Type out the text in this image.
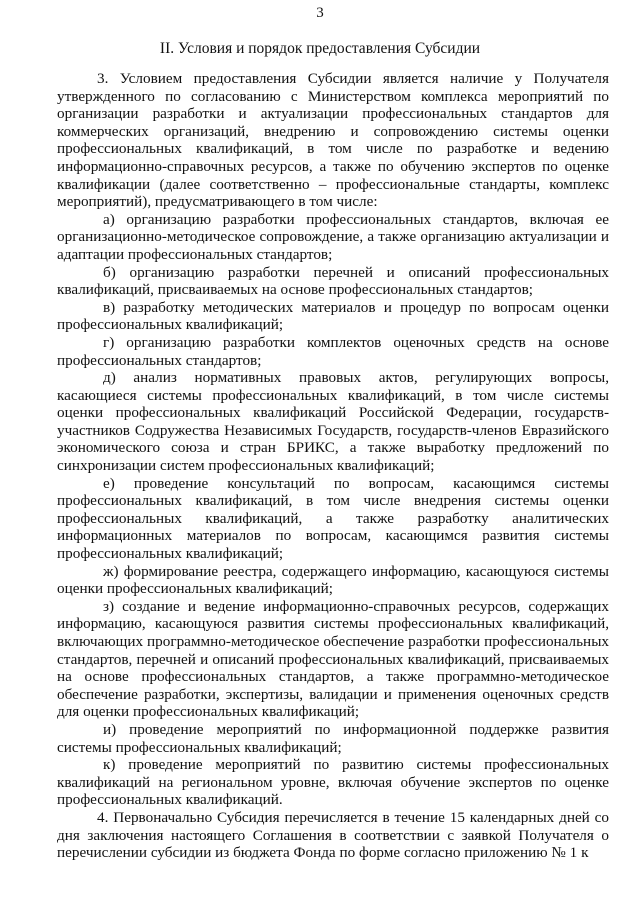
3
II. Условия и порядок предоставления Субсидии

3. Условием предоставления Субсидии является наличие у Получателя утвержденного по согласованию с Министерством комплекса мероприятий по организации разработки и актуализации профессиональных стандартов для коммерческих организаций, внедрению и сопровождению системы оценки профессиональных квалификаций, в том числе по разработке и ведению информационно-справочных ресурсов, а также по обучению экспертов по оценке квалификации (далее соответственно – профессиональные стандарты, комплекс мероприятий), предусматривающего в том числе:

а) организацию разработки профессиональных стандартов, включая ее организационно-методическое сопровождение, а также организацию актуализации и адаптации профессиональных стандартов;

б) организацию разработки перечней и описаний профессиональных квалификаций, присваиваемых на основе профессиональных стандартов;

в) разработку методических материалов и процедур по вопросам оценки профессиональных квалификаций;

г) организацию разработки комплектов оценочных средств на основе профессиональных стандартов;

д) анализ нормативных правовых актов, регулирующих вопросы, касающиеся системы профессиональных квалификаций, в том числе системы оценки профессиональных квалификаций Российской Федерации, государств-участников Содружества Независимых Государств, государств-членов Евразийского экономического союза и стран БРИКС, а также выработку предложений по синхронизации систем профессиональных квалификаций;

е) проведение консультаций по вопросам, касающимся системы профессиональных квалификаций, в том числе внедрения системы оценки профессиональных квалификаций, а также разработку аналитических информационных материалов по вопросам, касающимся развития системы профессиональных квалификаций;

ж) формирование реестра, содержащего информацию, касающуюся системы оценки профессиональных квалификаций;

з) создание и ведение информационно-справочных ресурсов, содержащих информацию, касающуюся развития системы профессиональных квалификаций, включающих программно-методическое обеспечение разработки профессиональных стандартов, перечней и описаний профессиональных квалификаций, присваиваемых на основе профессиональных стандартов, а также программно-методическое обеспечение разработки, экспертизы, валидации и применения оценочных средств для оценки профессиональных квалификаций;

и) проведение мероприятий по информационной поддержке развития системы профессиональных квалификаций;

к) проведение мероприятий по развитию системы профессиональных квалификаций на региональном уровне, включая обучение экспертов по оценке профессиональных квалификаций.

4. Первоначально Субсидия перечисляется в течение 15 календарных дней со дня заключения настоящего Соглашения в соответствии с заявкой Получателя о перечислении субсидии из бюджета Фонда по форме согласно приложению № 1 к
